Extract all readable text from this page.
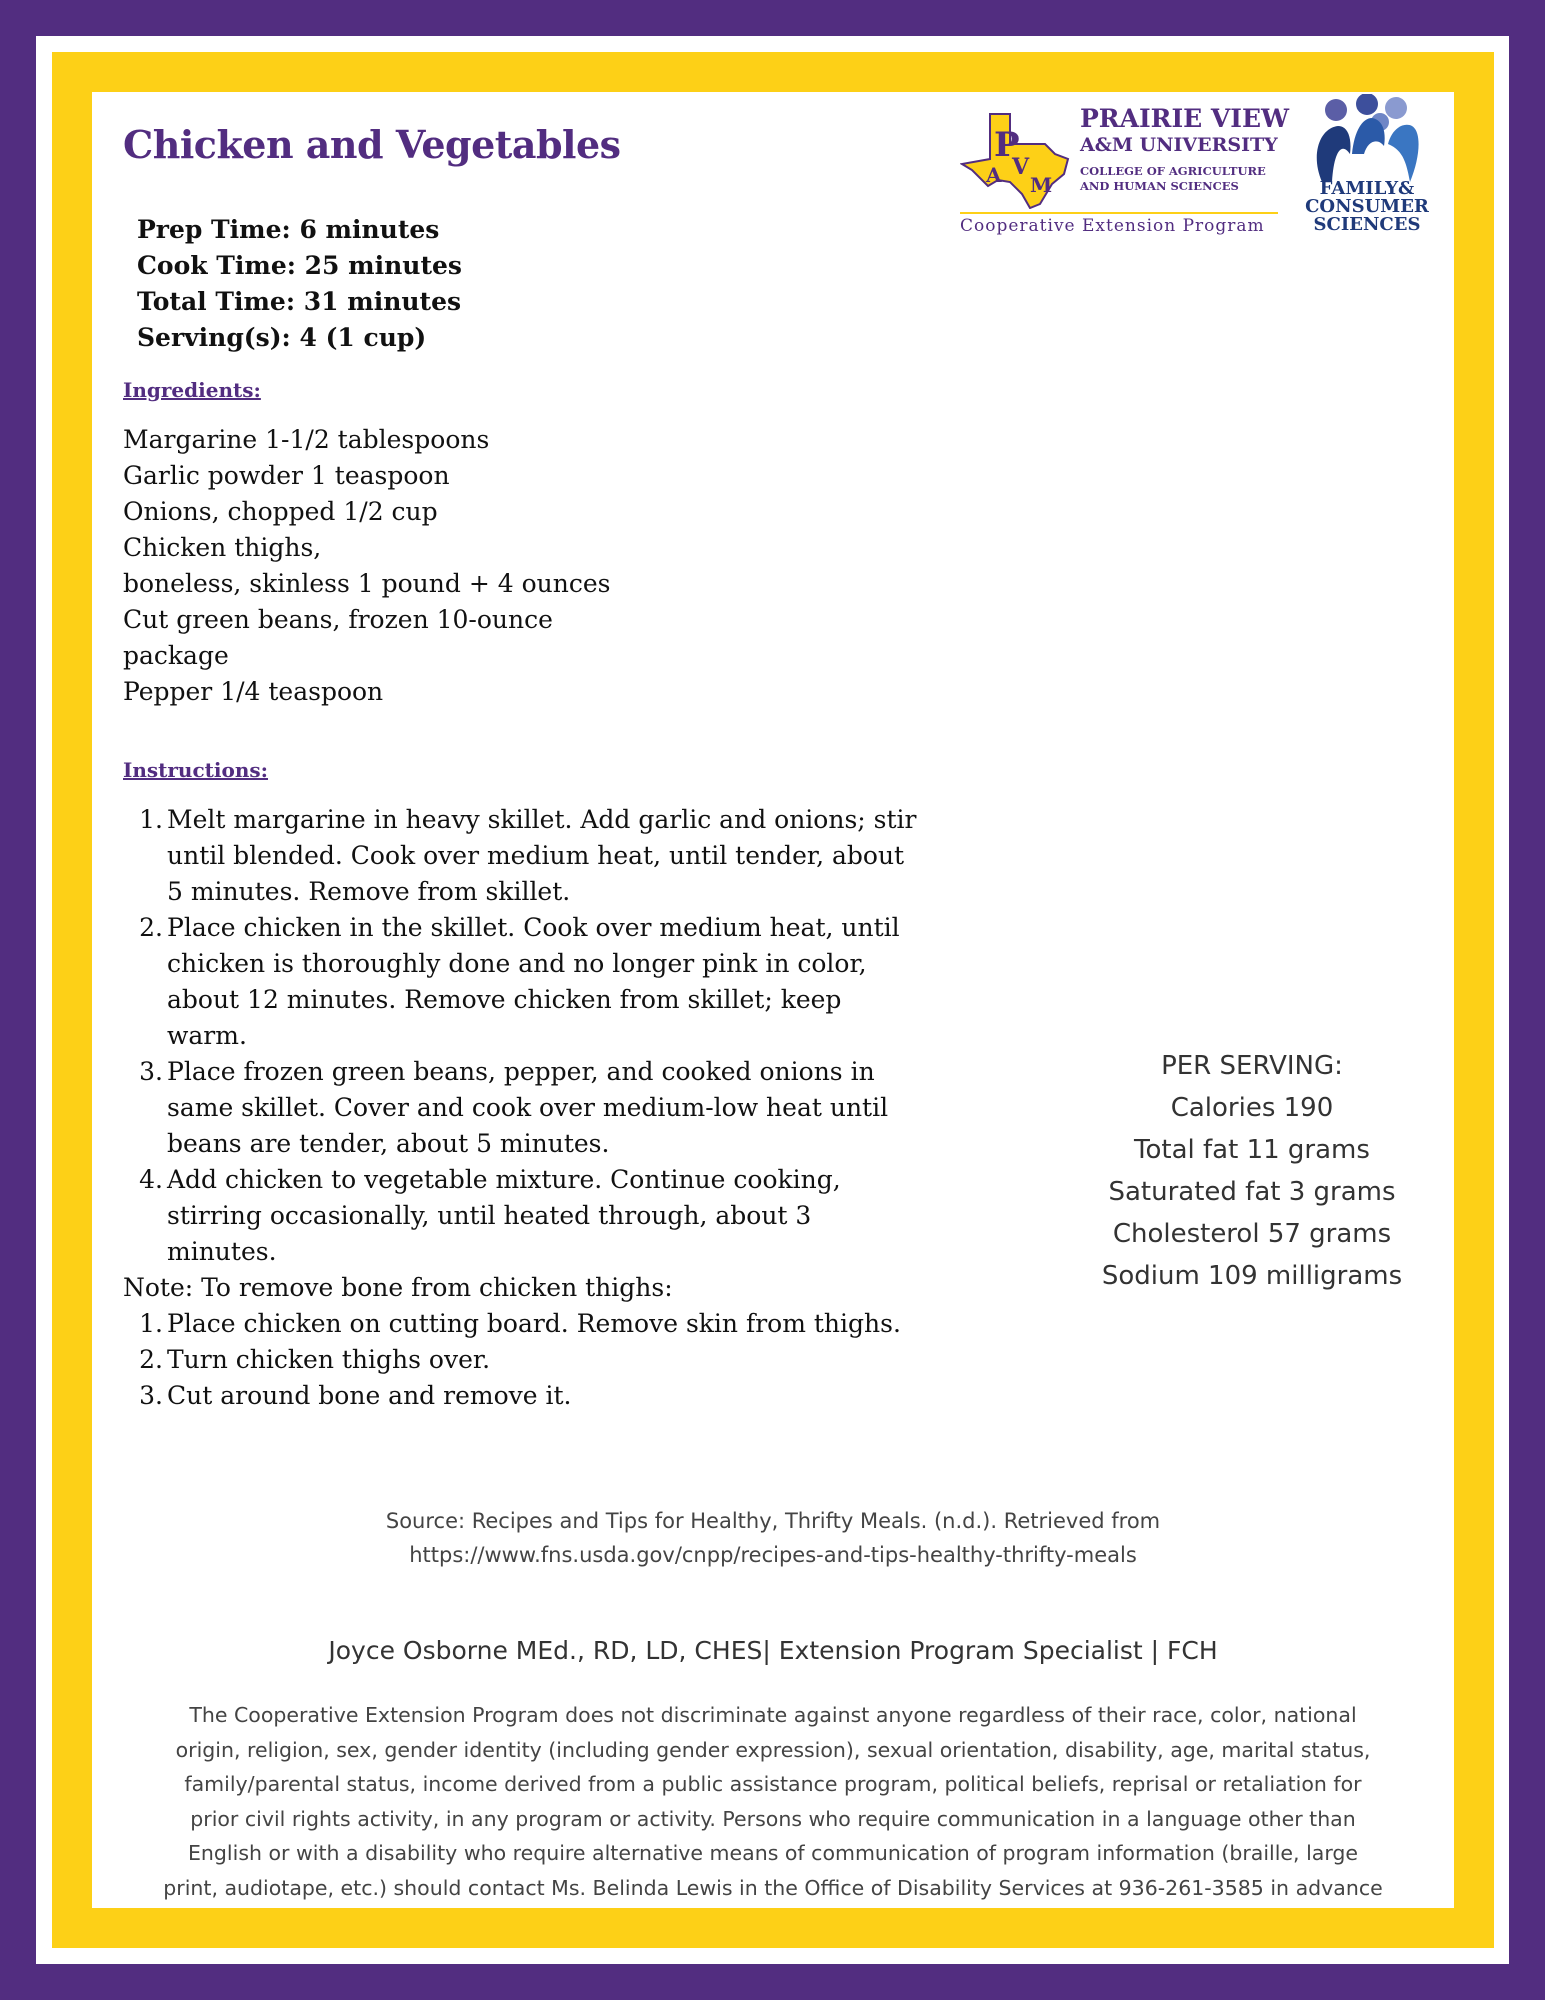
Chicken and Vegetables
Prep Time: 6 minutes
Cook Time: 25 minutes
Total Time: 31 minutes
Serving(s): 4 (1 cup)
Ingredients:
Margarine 1-1/2 tablespoons
Garlic powder 1 teaspoon
Onions, chopped 1/2 cup
Chicken thighs,
boneless, skinless 1 pound + 4 ounces
Cut green beans, frozen 10-ounce
package
Pepper 1/4 teaspoon
Instructions:
1. Melt margarine in heavy skillet. Add garlic and onions; stir until blended. Cook over medium heat, until tender, about 5 minutes. Remove from skillet.
2. Place chicken in the skillet. Cook over medium heat, until chicken is thoroughly done and no longer pink in color, about 12 minutes. Remove chicken from skillet; keep warm.
3. Place frozen green beans, pepper, and cooked onions in same skillet. Cover and cook over medium-low heat until beans are tender, about 5 minutes.
4. Add chicken to vegetable mixture. Continue cooking, stirring occasionally, until heated through, about 3 minutes.
Note: To remove bone from chicken thighs:
1. Place chicken on cutting board. Remove skin from thighs.
2. Turn chicken thighs over.
3. Cut around bone and remove it.
PER SERVING:
Calories 190
Total fat 11 grams
Saturated fat 3 grams
Cholesterol 57 grams
Sodium 109 milligrams
Source: Recipes and Tips for Healthy, Thrifty Meals. (n.d.). Retrieved from
https://www.fns.usda.gov/cnpp/recipes-and-tips-healthy-thrifty-meals
Joyce Osborne MEd., RD, LD, CHES| Extension Program Specialist | FCH
The Cooperative Extension Program does not discriminate against anyone regardless of their race, color, national
origin, religion, sex, gender identity (including gender expression), sexual orientation, disability, age, marital status,
family/parental status, income derived from a public assistance program, political beliefs, reprisal or retaliation for
prior civil rights activity, in any program or activity. Persons who require communication in a language other than
English or with a disability who require alternative means of communication of program information (braille, large
print, audiotape, etc.) should contact Ms. Belinda Lewis in the Office of Disability Services at 936-261-3585 in advance
P
V
A M
PRAIRIE VIEW
A&M UNIVERSITY
COLLEGE OF AGRICULTURE AND HUMAN SCIENCES
Cooperative Extension Program
FAMILY&
CONSUMER
SCIENCES
